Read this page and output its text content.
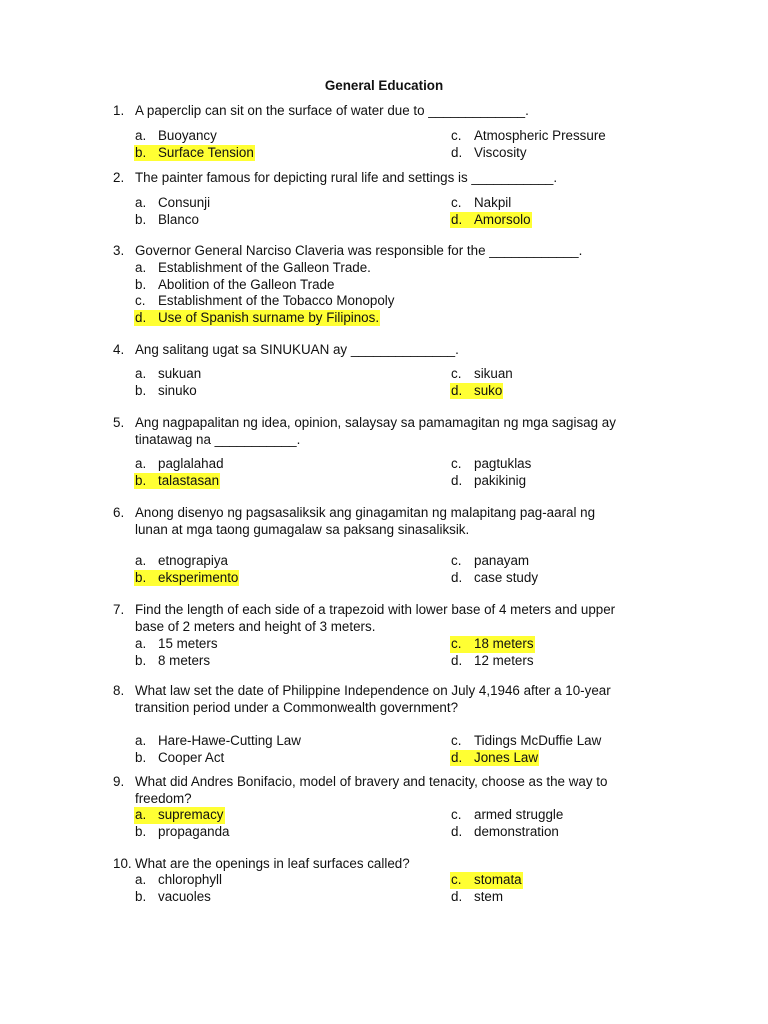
General Education
1. A paperclip can sit on the surface of water due to _____________.
a. Buoyancy
b. Surface Tension
c. Atmospheric Pressure
d. Viscosity
2. The painter famous for depicting rural life and settings is ___________.
a. Consunji
b. Blanco
c. Nakpil
d. Amorsolo
3. Governor General Narciso Claveria was responsible for the ____________.
a. Establishment of the Galleon Trade.
b. Abolition of the Galleon Trade
c. Establishment of the Tobacco Monopoly
d. Use of Spanish surname by Filipinos.
4. Ang salitang ugat sa SINUKUAN ay ______________.
a. sukuan
b. sinuko
c. sikuan
d. suko
5. Ang nagpapalitan ng idea, opinion, salaysay sa pamamagitan ng mga sagisag ay
tinatawag na ___________.
a. paglalahad
b. talastasan
c. pagtuklas
d. pakikinig
6. Anong disenyo ng pagsasaliksik ang ginagamitan ng malapitang pag-aaral ng
lunan at mga taong gumagalaw sa paksang sinasaliksik.
a. etnograpiya
b. eksperimento
c. panayam
d. case study
7. Find the length of each side of a trapezoid with lower base of 4 meters and upper
base of 2 meters and height of 3 meters.
a. 15 meters
b. 8 meters
c. 18 meters
d. 12 meters
8. What law set the date of Philippine Independence on July 4,1946 after a 10-year
transition period under a Commonwealth government?
a. Hare-Hawe-Cutting Law
b. Cooper Act
c. Tidings McDuffie Law
d. Jones Law
9. What did Andres Bonifacio, model of bravery and tenacity, choose as the way to
freedom?
a. supremacy
b. propaganda
c. armed struggle
d. demonstration
10. What are the openings in leaf surfaces called?
a. chlorophyll
b. vacuoles
c. stomata
d. stem
